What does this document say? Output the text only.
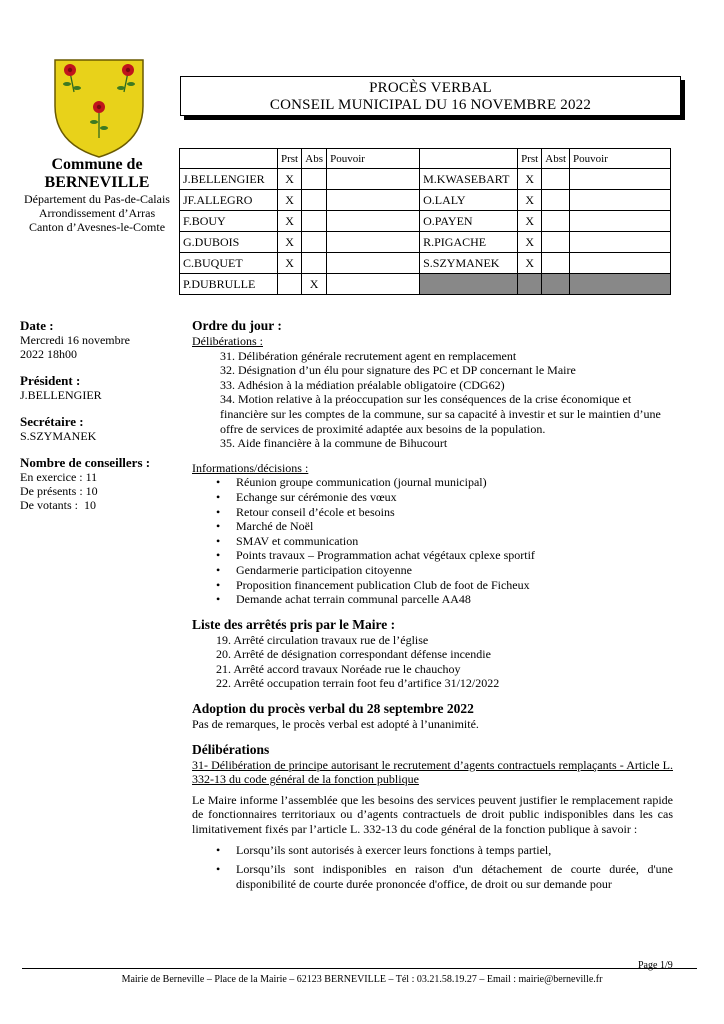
PROCÈS VERBAL
CONSEIL MUNICIPAL DU 16 NOVEMBRE 2022
Commune de
BERNEVILLE
Département du Pas-de-Calais
Arrondissement d’Arras
Canton d’Avesnes-le-Comte
	Prst	Abs	Pouvoir		Prst	Abst	Pouvoir
J.BELLENGIER	X			M.KWASEBART	X		
JF.ALLEGRO	X			O.LALY	X		
F.BOUY	X			O.PAYEN	X		
G.DUBOIS	X			R.PIGACHE	X		
C.BUQUET	X			S.SZYMANEK	X		
P.DUBRULLE		X					
Date :
Mercredi 16 novembre
2022 18h00
Président :
J.BELLENGIER
Secrétaire :
S.SZYMANEK
Nombre de conseillers :
En exercice : 11
De présents : 10
De votants :  10
Ordre du jour :
Délibérations :
31. Délibération générale recrutement agent en remplacement
32. Désignation d’un élu pour signature des PC et DP concernant le Maire
33. Adhésion à la médiation préalable obligatoire (CDG62)
34. Motion relative à la préoccupation sur les conséquences de la crise économique et financière sur les comptes de la commune, sur sa capacité à investir et sur le maintien d’une offre de services de proximité adaptée aux besoins de la population.
35. Aide financière à la commune de Bihucourt
Informations/décisions :
• Réunion groupe communication (journal municipal)
• Echange sur cérémonie des vœux
• Retour conseil d’école et besoins
• Marché de Noël
• SMAV et communication
• Points travaux – Programmation achat végétaux cplexe sportif
• Gendarmerie participation citoyenne
• Proposition financement publication Club de foot de Ficheux
• Demande achat terrain communal parcelle AA48
Liste des arrêtés pris par le Maire :
19. Arrêté circulation travaux rue de l’église
20. Arrêté de désignation correspondant défense incendie
21. Arrêté accord travaux Noréade rue le chauchoy
22. Arrêté occupation terrain foot feu d’artifice 31/12/2022
Adoption du procès verbal du 28 septembre 2022
Pas de remarques, le procès verbal est adopté à l’unanimité.
Délibérations
31- Délibération de principe autorisant le recrutement d’agents contractuels remplaçants - Article L. 332-13 du code général de la fonction publique
Le Maire informe l’assemblée que les besoins des services peuvent justifier le remplacement rapide de fonctionnaires territoriaux ou d’agents contractuels de droit public indisponibles dans les cas limitativement fixés par l’article L. 332-13 du code général de la fonction publique à savoir :
• Lorsqu’ils sont autorisés à exercer leurs fonctions à temps partiel,
• Lorsqu’ils sont indisponibles en raison d'un détachement de courte durée, d'une disponibilité de courte durée prononcée d'office, de droit ou sur demande pour
Page 1/9
Mairie de Berneville – Place de la Mairie – 62123 BERNEVILLE – Tél : 03.21.58.19.27 – Email : mairie@berneville.fr
